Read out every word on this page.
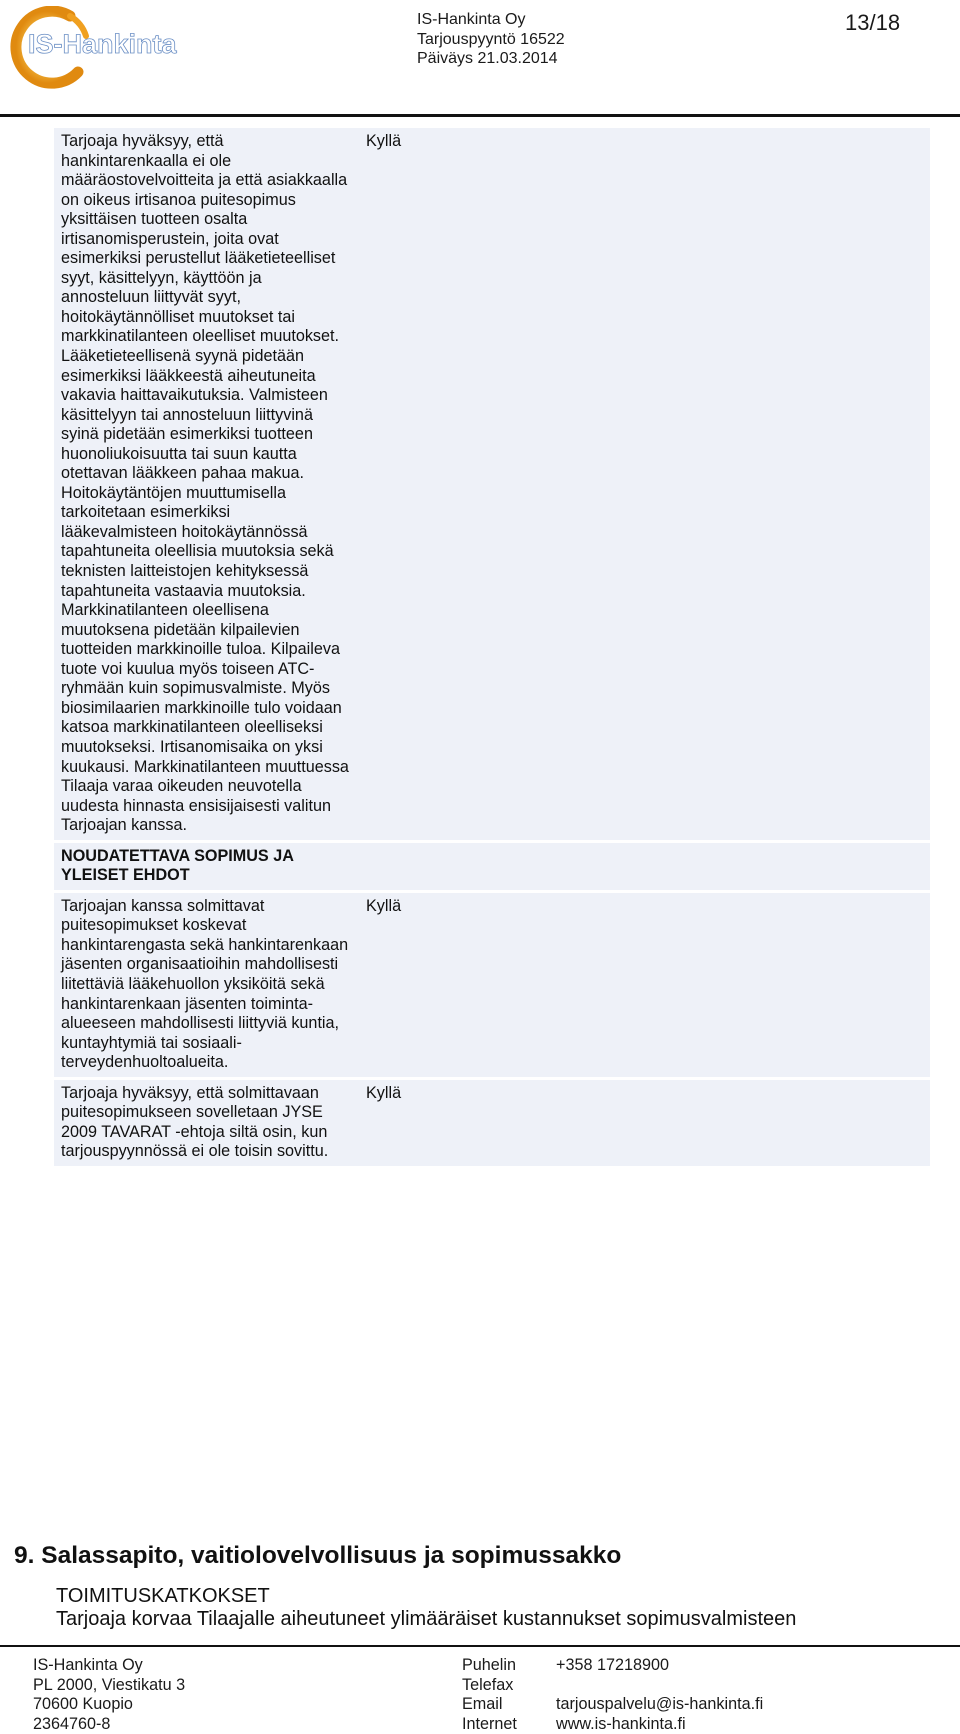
IS-Hankinta
IS-Hankinta Oy
Tarjouspyyntö 16522
Päiväys 21.03.2014
13/18
Tarjoaja hyväksyy, että hankintarenkaalla ei ole määräostovelvoitteita ja että asiakkaalla on oikeus irtisanoa puitesopimus yksittäisen tuotteen osalta irtisanomisperustein, joita ovat esimerkiksi perustellut lääketieteelliset syyt, käsittelyyn, käyttöön ja annosteluun liittyvät syyt, hoitokäytännölliset muutokset tai markkinatilanteen oleelliset muutokset. Lääketieteellisenä syynä pidetään esimerkiksi lääkkeestä aiheutuneita vakavia haittavaikutuksia. Valmisteen käsittelyyn tai annosteluun liittyvinä syinä pidetään esimerkiksi tuotteen huonoliukoisuutta tai suun kautta otettavan lääkkeen pahaa makua. Hoitokäytäntöjen muuttumisella tarkoitetaan esimerkiksi lääkevalmisteen hoitokäytännössä tapahtuneita oleellisia muutoksia sekä teknisten laitteistojen kehityksessä tapahtuneita vastaavia muutoksia. Markkinatilanteen oleellisena muutoksena pidetään kilpailevien tuotteiden markkinoille tuloa. Kilpaileva tuote voi kuulua myös toiseen ATC-ryhmään kuin sopimusvalmiste. Myös biosimilaarien markkinoille tulo voidaan katsoa markkinatilanteen oleelliseksi muutokseksi. Irtisanomisaika on yksi kuukausi. Markkinatilanteen muuttuessa Tilaaja varaa oikeuden neuvotella uudesta hinnasta ensisijaisesti valitun Tarjoajan kanssa.
Kyllä
NOUDATETTAVA SOPIMUS JA YLEISET EHDOT
Tarjoajan kanssa solmittavat puitesopimukset koskevat hankintarengasta sekä hankintarenkaan jäsenten organisaatioihin mahdollisesti liitettäviä lääkehuollon yksiköitä sekä hankintarenkaan jäsenten toiminta-alueeseen mahdollisesti liittyviä kuntia, kuntayhtymiä tai sosiaali-terveydenhuoltoalueita.
Kyllä
Tarjoaja hyväksyy, että solmittavaan puitesopimukseen sovelletaan JYSE 2009 TAVARAT -ehtoja siltä osin, kun tarjouspyynnössä ei ole toisin sovittu.
Kyllä
9. Salassapito, vaitiolovelvollisuus ja sopimussakko
TOIMITUSKATKOKSET
Tarjoaja korvaa Tilaajalle aiheutuneet ylimääräiset kustannukset sopimusvalmisteen
IS-Hankinta Oy
PL 2000, Viestikatu 3
70600 Kuopio
2364760-8
Puhelin
Telefax
Email
Internet
+358 17218900
tarjouspalvelu@is-hankinta.fi
www.is-hankinta.fi
